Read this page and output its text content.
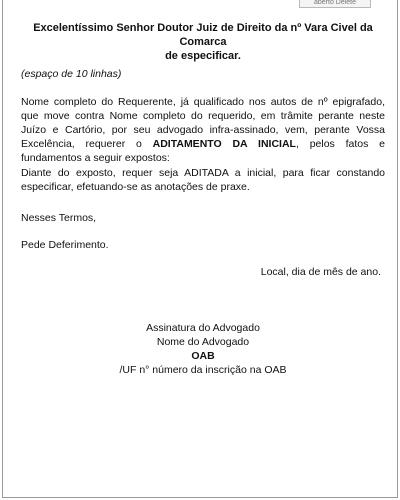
aberto Delete
Excelentíssimo Senhor Doutor Juiz de Direito da nº Vara Civel da Comarca
de especificar.
(espaço de 10 linhas)
Nome completo do Requerente, já qualificado nos autos de nº epigrafado, que move contra Nome completo do requerido, em trâmite perante neste Juízo e Cartório, por seu advogado infra-assinado, vem, perante Vossa Excelência, requerer o ADITAMENTO DA INICIAL, pelos fatos e fundamentos a seguir expostos:
Diante do exposto, requer seja ADITADA a inicial, para ficar constando especificar, efetuando-se as anotações de praxe.
Nesses Termos,
Pede Deferimento.
Local, dia de mês de ano.
Assinatura do Advogado
Nome do Advogado
OAB
/UF n° número da inscrição na OAB
